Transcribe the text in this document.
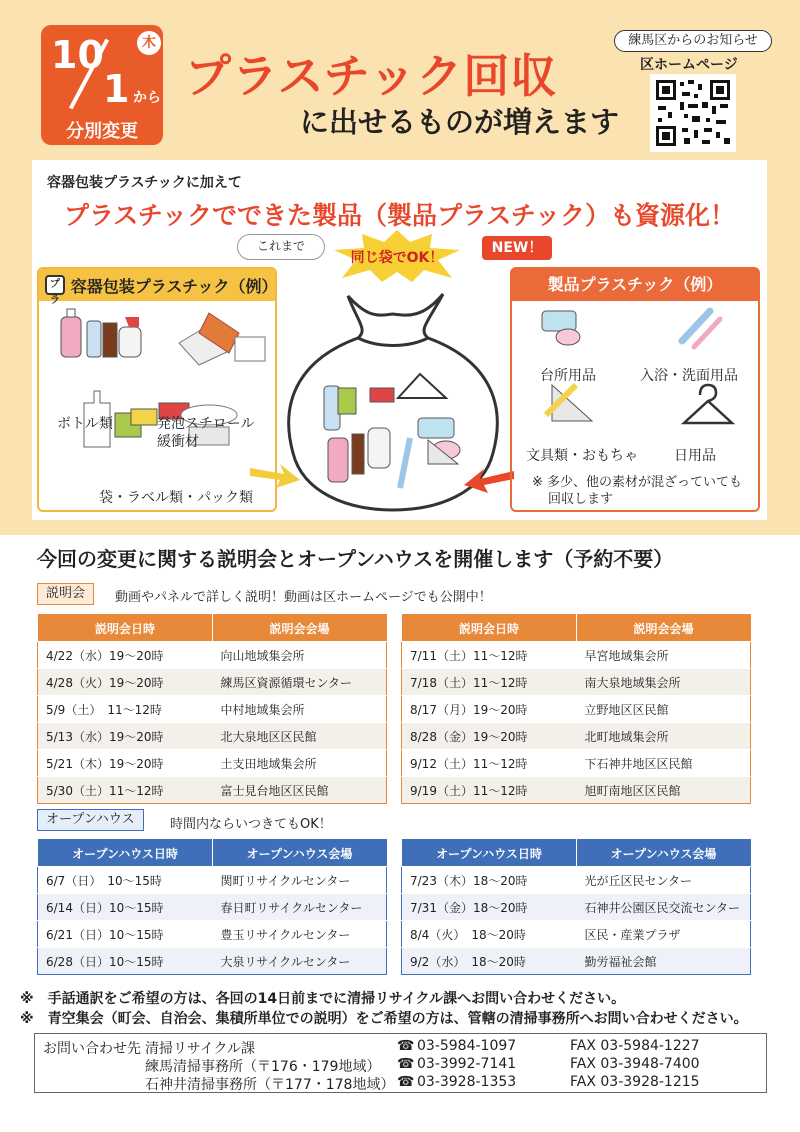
10
1
木
から
分別変更
プラスチック回収
に出せるものが増えます
練馬区からのお知らせ
区ホームページ
容器包装プラスチックに加えて
プラスチックでできた製品（製品プラスチック）も資源化！
これまで
同じ袋でOK！
NEW！
プラ
容器包装プラスチック（例）
ボトル類	発泡スチロール
緩衝材
袋・ラベル類・パック類
製品プラスチック（例）
台所用品	入浴・洗面用品
文具類・おもちゃ	日用品
※ 多少、他の素材が混ざっていても
回収します
今回の変更に関する説明会とオープンハウスを開催します（予約不要）
説明会	動画やパネルで詳しく説明！動画は区ホームページでも公開中！
説明会日時	説明会会場
4/22（水）19～20時	向山地域集会所
4/28（火）19～20時	練馬区資源循環センター
5/9（土）　11～12時	中村地域集会所
5/13（水）19～20時	北大泉地区区民館
5/21（木）19～20時	土支田地域集会所
5/30（土）11～12時	富士見台地区区民館
説明会日時	説明会会場
7/11（土）11～12時	早宮地域集会所
7/18（土）11～12時	南大泉地域集会所
8/17（月）19～20時	立野地区区民館
8/28（金）19～20時	北町地域集会所
9/12（土）11～12時	下石神井地区区民館
9/19（土）11～12時	旭町南地区区民館
オープンハウス	時間内ならいつきてもOK！
オープンハウス日時	オープンハウス会場
6/7（日）　10～15時	関町リサイクルセンター
6/14（日）10～15時	春日町リサイクルセンター
6/21（日）10～15時	豊玉リサイクルセンター
6/28（日）10～15時	大泉リサイクルセンター
オープンハウス日時	オープンハウス会場
7/23（木）18～20時	光が丘区民センター
7/31（金）18～20時	石神井公園区民交流センター
8/4（火）　18～20時	区民・産業プラザ
9/2（水）　18～20時	勤労福祉会館
※　手話通訳をご希望の方は、各回の14日前までに清掃リサイクル課へお問い合わせください。
※　青空集会（町会、自治会、集積所単位での説明）をご希望の方は、管轄の清掃事務所へお問い合わせください。
お問い合わせ先 清掃リサイクル課	☎ 03-5984-1097	FAX 03-5984-1227
練馬清掃事務所（〒176・179地域） ☎ 03-3992-7141	FAX 03-3948-7400
石神井清掃事務所（〒177・178地域） ☎ 03-3928-1353	FAX 03-3928-1215
